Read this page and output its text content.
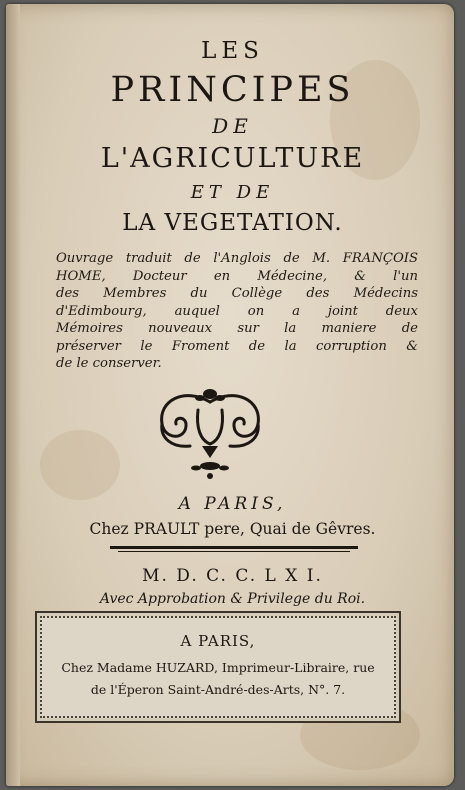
LES
PRINCIPES
DE
L'AGRICULTURE
ET DE
LA VEGETATION.
Ouvrage traduit de l'Anglois de M. FRANÇOIS
HOME, Docteur en Médecine, & l'un
des Membres du Collège des Médecins
d'Edimbourg, auquel on a joint deux
Mémoires nouveaux sur la maniere de
préserver le Froment de la corruption &
de le conserver.
A PARIS,
Chez PRAULT pere, Quai de Gêvres.
M. D. C. C. L X I.
Avec Approbation & Privilege du Roi.
A PARIS,
Chez Madame HUZARD, Imprimeur-Libraire, rue
de l'Éperon Saint-André-des-Arts, N°. 7.
